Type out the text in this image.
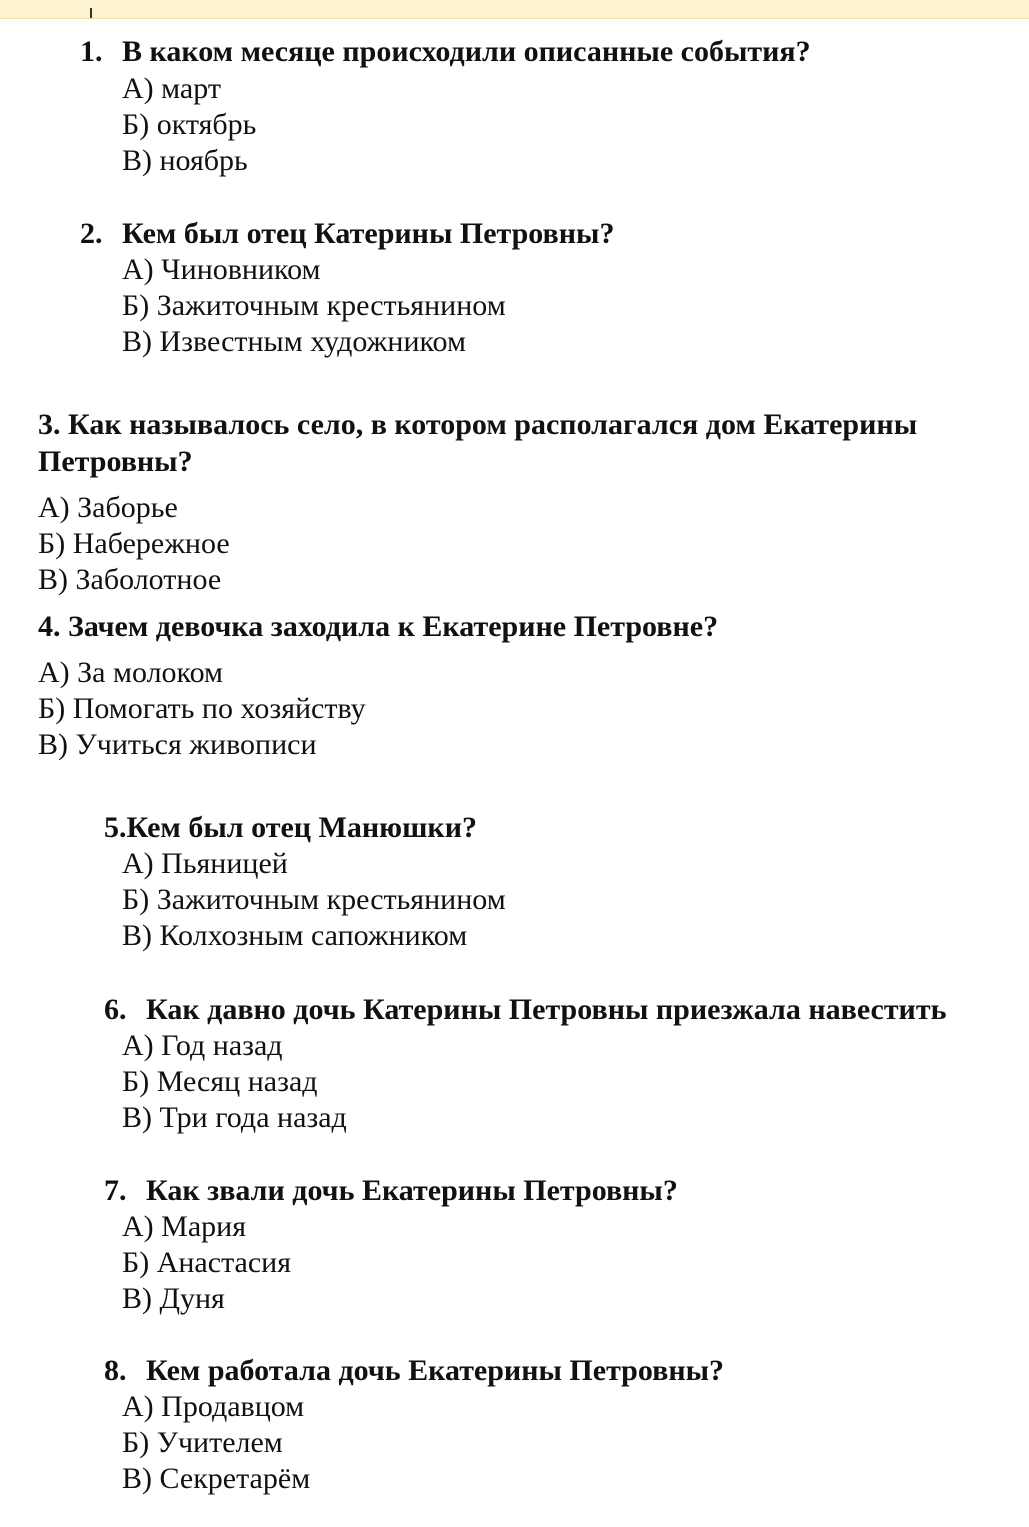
1. В каком месяце происходили описанные события?
А) март
Б) октябрь
В) ноябрь
2. Кем был отец Катерины Петровны?
А) Чиновником
Б) Зажиточным крестьянином
В) Известным художником
3. Как называлось село, в котором располагался дом Екатерины
Петровны?
А) Заборье
Б) Набережное
В) Заболотное
4. Зачем девочка заходила к Екатерине Петровне?
А) За молоком
Б) Помогать по хозяйству
В) Учиться живописи
5.Кем был отец Манюшки?
А) Пьяницей
Б) Зажиточным крестьянином
В) Колхозным сапожником
6. Как давно дочь Катерины Петровны приезжала навестить
А) Год назад
Б) Месяц назад
В) Три года назад
7. Как звали дочь Екатерины Петровны?
А) Мария
Б) Анастасия
В) Дуня
8. Кем работала дочь Екатерины Петровны?
А) Продавцом
Б) Учителем
В) Секретарём
